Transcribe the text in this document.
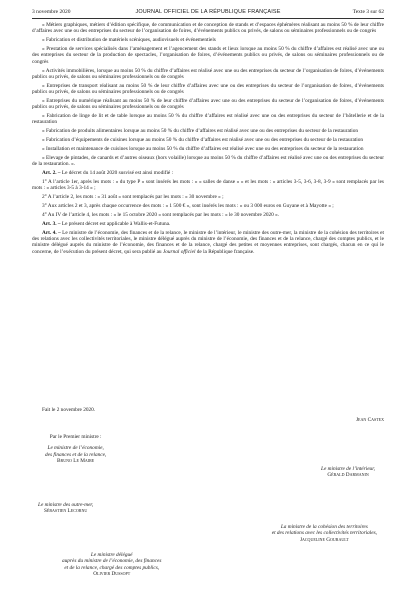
3 novembre 2020	JOURNAL OFFICIEL DE LA RÉPUBLIQUE FRANÇAISE	Texte 3 sur 62

« Métiers graphiques, métiers d’édition spécifique, de communication et de conception de stands et d’espaces éphémères réalisant au moins 50 % de leur chiffre d’affaires avec une ou des entreprises du secteur de l’organisation de foires, d’événements publics ou privés, de salons ou séminaires professionnels ou de congrès

« Fabrication et distribution de matériels scéniques, audiovisuels et événementiels

« Prestation de services spécialisés dans l’aménagement et l’agencement des stands et lieux lorsque au moins 50 % du chiffre d’affaires est réalisé avec une ou des entreprises du secteur de la production de spectacles, l’organisation de foires, d’événements publics ou privés, de salons ou séminaires professionnels ou de congrès

« Activités immobilières, lorsque au moins 50 % du chiffre d’affaires est réalisé avec une ou des entreprises du secteur de l’organisation de foires, d’événements publics ou privés, de salons ou séminaires professionnels ou de congrès

« Entreprises de transport réalisant au moins 50 % de leur chiffre d’affaires avec une ou des entreprises du secteur de l’organisation de foires, d’événements publics ou privés, de salons ou séminaires professionnels ou de congrès

« Entreprises du numérique réalisant au moins 50 % de leur chiffre d’affaires avec une ou des entreprises du secteur de l’organisation de foires, d’événements publics ou privés, de salons ou séminaires professionnels ou de congrès

« Fabrication de linge de lit et de table lorsque au moins 50 % du chiffre d’affaires est réalisé avec une ou des entreprises du secteur de l’hôtellerie et de la restauration

« Fabrication de produits alimentaires lorsque au moins 50 % du chiffre d’affaires est réalisé avec une ou des entreprises du secteur de la restauration

« Fabrication d’équipements de cuisines lorsque au moins 50 % du chiffre d’affaires est réalisé avec une ou des entreprises du secteur de la restauration

« Installation et maintenance de cuisines lorsque au moins 50 % du chiffre d’affaires est réalisé avec une ou des entreprises du secteur de la restauration

« Elevage de pintades, de canards et d’autres oiseaux (hors volaille) lorsque au moins 50 % du chiffre d’affaires est réalisé avec une ou des entreprises du secteur de la restauration. ».

Art. 2. – Le décret du 14 août 2020 susvisé est ainsi modifié :

1° A l’article 1er, après les mots : « du type P » sont insérés les mots : « « salles de danse » » et les mots : « articles 3-5, 3-6, 3-8, 3-9 » sont remplacés par les mots : « articles 3-5 à 3-14 » ;

2° A l’article 2, les mots : « 31 août » sont remplacés par les mots : « 30 novembre » ;

3° Aux articles 2 et 3, après chaque occurrence des mots : « 1 500 € », sont insérés les mots : « ou 3 000 euros en Guyane et à Mayotte » ;

4° Au IV de l’article 4, les mots : « le 15 octobre 2020 » sont remplacés par les mots : « le 30 novembre 2020 ».

Art. 3. – Le présent décret est applicable à Wallis-et-Futuna.

Art. 4. – Le ministre de l’économie, des finances et de la relance, le ministre de l’intérieur, le ministre des outre-mer, la ministre de la cohésion des territoires et des relations avec les collectivités territoriales, le ministre délégué auprès du ministre de l’économie, des finances et de la relance, chargé des comptes publics, et le ministre délégué auprès du ministre de l’économie, des finances et de la relance, chargé des petites et moyennes entreprises, sont chargés, chacun en ce qui le concerne, de l’exécution du présent décret, qui sera publié au Journal officiel de la République française.

Fait le 2 novembre 2020.
Jean Castex
Par le Premier ministre :
Le ministre de l’économie,
des finances et de la relance,
Bruno Le Maire
Le ministre de l’intérieur,
Gérald Darmanin
Le ministre des outre-mer,
Sébastien Lecornu
La ministre de la cohésion des territoires
et des relations avec les collectivités territoriales,
Jacqueline Gourault
Le ministre délégué
auprès du ministre de l’économie, des finances
et de la relance, chargé des comptes publics,
Olivier Dussopt
